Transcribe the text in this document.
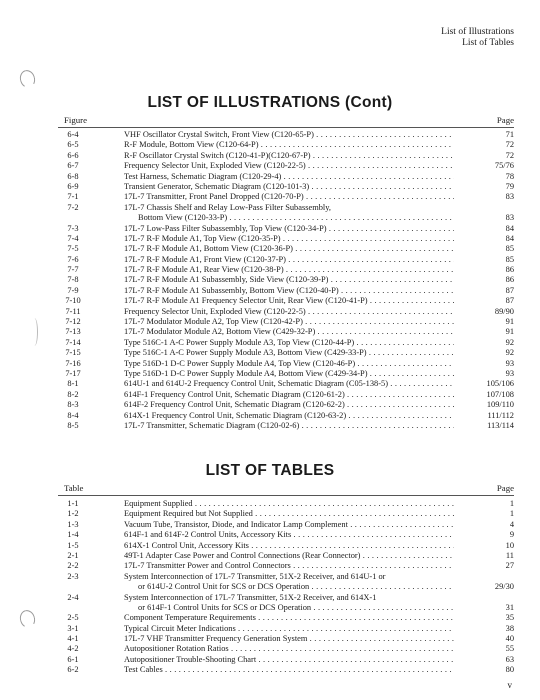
List of Illustrations
List of Tables
LIST OF ILLUSTRATIONS (Cont)
Figure	Page
6-4	VHF Oscillator Crystal Switch, Front View (C120-65-P) . . .	71
6-5	R-F Module, Bottom View (C120-64-P) . . .	72
6-6	R-F Oscillator Crystal Switch (C120-41-P)(C120-67-P) . . .	72
6-7	Frequency Selector Unit, Exploded View (C120-22-5) . . .	75/76
6-8	Test Harness, Schematic Diagram (C120-29-4) . . .	78
6-9	Transient Generator, Schematic Diagram (C120-101-3) . . .	79
7-1	17L-7 Transmitter, Front Panel Dropped (C120-70-P) . . .	83
7-2	17L-7 Chassis Shelf and Relay Low-Pass Filter Subassembly,
Bottom View (C120-33-P) . . .	83
7-3	17L-7 Low-Pass Filter Subassembly, Top View (C120-34-P) . . .	84
7-4	17L-7 R-F Module A1, Top View (C120-35-P) . . .	84
7-5	17L-7 R-F Module A1, Bottom View (C120-36-P) . . .	85
7-6	17L-7 R-F Module A1, Front View (C120-37-P) . . .	85
7-7	17L-7 R-F Module A1, Rear View (C120-38-P) . . .	86
7-8	17L-7 R-F Module A1 Subassembly, Side View (C120-39-P) . . .	86
7-9	17L-7 R-F Module A1 Subassembly, Bottom View (C120-40-P) . . .	87
7-10	17L-7 R-F Module A1 Frequency Selector Unit, Rear View (C120-41-P) . . .	87
7-11	Frequency Selector Unit, Exploded View (C120-22-5) . . .	89/90
7-12	17L-7 Modulator Module A2, Top View (C120-42-P) . . .	91
7-13	17L-7 Modulator Module A2, Bottom View (C429-32-P) . . .	91
7-14	Type 516C-1 A-C Power Supply Module A3, Top View (C120-44-P) . . .	92
7-15	Type 516C-1 A-C Power Supply Module A3, Bottom View (C429-33-P) . . .	92
7-16	Type 516D-1 D-C Power Supply Module A4, Top View (C120-46-P) . . .	93
7-17	Type 516D-1 D-C Power Supply Module A4, Bottom View (C429-34-P) . . .	93
8-1	614U-1 and 614U-2 Frequency Control Unit, Schematic Diagram (C05-138-5) . . .	105/106
8-2	614F-1 Frequency Control Unit, Schematic Diagram (C120-61-2) . . .	107/108
8-3	614F-2 Frequency Control Unit, Schematic Diagram (C120-62-2) . . .	109/110
8-4	614X-1 Frequency Control Unit, Schematic Diagram (C120-63-2) . . .	111/112
8-5	17L-7 Transmitter, Schematic Diagram (C120-02-6) . . .	113/114
LIST OF TABLES
Table	Page
1-1	Equipment Supplied . . .	1
1-2	Equipment Required but Not Supplied . . .	1
1-3	Vacuum Tube, Transistor, Diode, and Indicator Lamp Complement . . .	4
1-4	614F-1 and 614F-2 Control Units, Accessory Kits . . .	9
1-5	614X-1 Control Unit, Accessory Kits . . .	10
2-1	49T-1 Adapter Case Power and Control Connections (Rear Connector) . . .	11
2-2	17L-7 Transmitter Power and Control Connectors . . .	27
2-3	System Interconnection of 17L-7 Transmitter, 51X-2 Receiver, and 614U-1 or
or 614U-2 Control Unit for SCS or DCS Operation . . .	29/30
2-4	System Interconnection of 17L-7 Transmitter, 51X-2 Receiver, and 614X-1
or 614F-1 Control Units for SCS or DCS Operation . . .	31
2-5	Component Temperature Requirements . . .	35
3-1	Typical Circuit Meter Indications . . .	38
4-1	17L-7 VHF Transmitter Frequency Generation System . . .	40
4-2	Autopositioner Rotation Ratios . . .	55
6-1	Autopositioner Trouble-Shooting Chart . . .	63
6-2	Test Cables . . .	80
v
